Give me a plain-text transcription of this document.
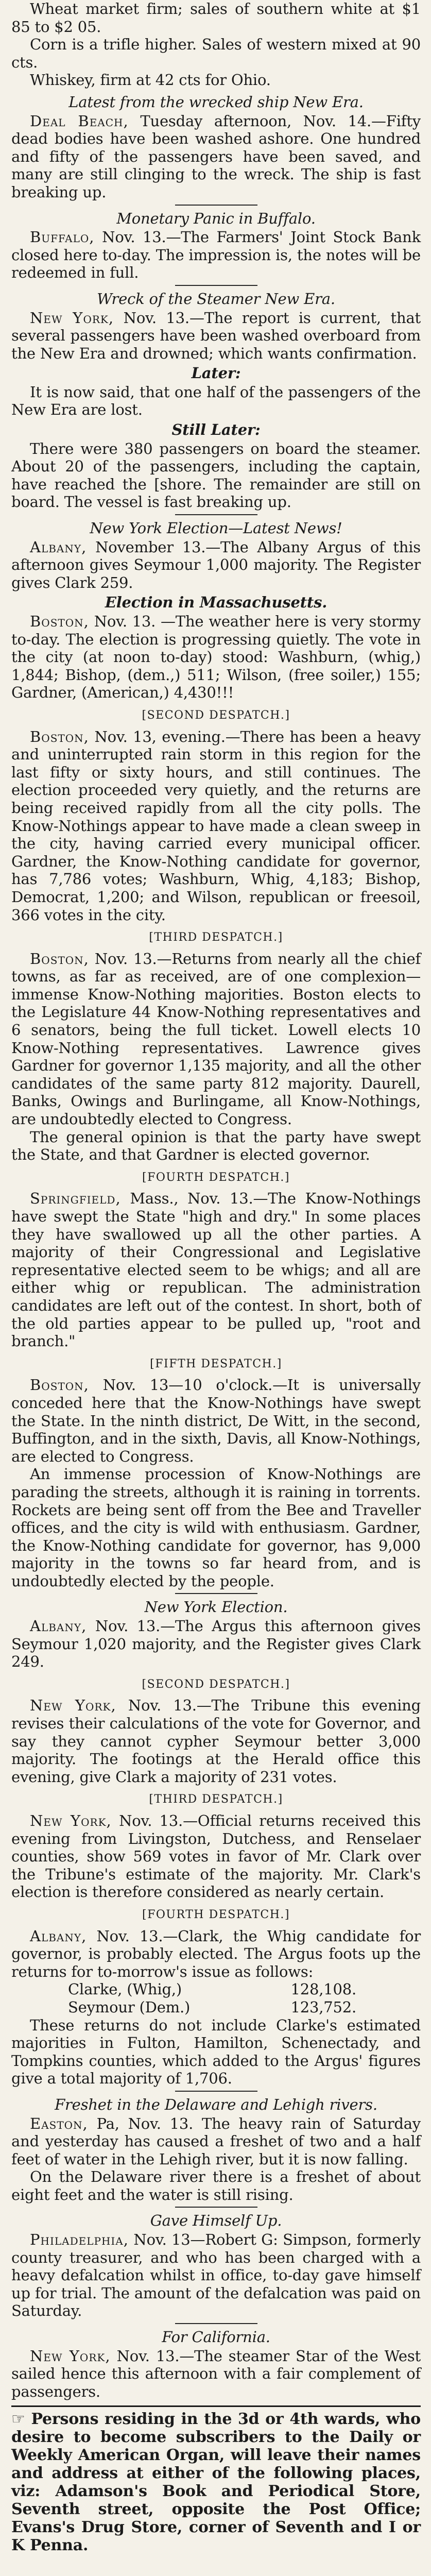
Wheat market firm; sales of southern white at $1 85 to $2 05.

Corn is a trifle higher. Sales of western mixed at 90 cts.

Whiskey, firm at 42 cts for Ohio.

Latest from the wrecked ship New Era.

Deal Beach, Tuesday afternoon, Nov. 14.—Fifty dead bodies have been washed ashore. One hundred and fifty of the passengers have been saved, and many are still clinging to the wreck. The ship is fast breaking up.

Monetary Panic in Buffalo.

Buffalo, Nov. 13.—The Farmers' Joint Stock Bank closed here to-day. The impression is, the notes will be redeemed in full.

Wreck of the Steamer New Era.

New York, Nov. 13.—The report is current, that several passengers have been washed overboard from the New Era and drowned; which wants confirmation.

Later:

It is now said, that one half of the passengers of the New Era are lost.

Still Later:

There were 380 passengers on board the steamer. About 20 of the passengers, including the captain, have reached the [shore. The remainder are still on board. The vessel is fast breaking up.

New York Election—Latest News!

Albany, November 13.—The Albany Argus of this afternoon gives Seymour 1,000 majority. The Register gives Clark 259.

Election in Massachusetts.

Boston, Nov. 13. —The weather here is very stormy to-day. The election is progressing quietly. The vote in the city (at noon to-day) stood: Washburn, (whig,) 1,844; Bishop, (dem.,) 511; Wilson, (free soiler,) 155; Gardner, (American,) 4,430!!!

[SECOND DESPATCH.]

Boston, Nov. 13, evening.—There has been a heavy and uninterrupted rain storm in this region for the last fifty or sixty hours, and still continues. The election proceeded very quietly, and the returns are being received rapidly from all the city polls. The Know-Nothings appear to have made a clean sweep in the city, having carried every municipal officer. Gardner, the Know-Nothing candidate for governor, has 7,786 votes; Washburn, Whig, 4,183; Bishop, Democrat, 1,200; and Wilson, republican or freesoil, 366 votes in the city.

[THIRD DESPATCH.]

Boston, Nov. 13.—Returns from nearly all the chief towns, as far as received, are of one complexion—immense Know-Nothing majorities. Boston elects to the Legislature 44 Know-Nothing representatives and 6 senators, being the full ticket. Lowell elects 10 Know-Nothing representatives. Lawrence gives Gardner for governor 1,135 majority, and all the other candidates of the same party 812 majority. Daurell, Banks, Owings and Burlingame, all Know-Nothings, are undoubtedly elected to Congress.

The general opinion is that the party have swept the State, and that Gardner is elected governor.

[FOURTH DESPATCH.]

Springfield, Mass., Nov. 13.—The Know-Nothings have swept the State "high and dry." In some places they have swallowed up all the other parties. A majority of their Congressional and Legislative representative elected seem to be whigs; and all are either whig or republican. The administration candidates are left out of the contest. In short, both of the old parties appear to be pulled up, "root and branch."

[FIFTH DESPATCH.]

Boston, Nov. 13—10 o'clock.—It is universally conceded here that the Know-Nothings have swept the State. In the ninth district, De Witt, in the second, Buffington, and in the sixth, Davis, all Know-Nothings, are elected to Congress.

An immense procession of Know-Nothings are parading the streets, although it is raining in torrents. Rockets are being sent off from the Bee and Traveller offices, and the city is wild with enthusiasm. Gardner, the Know-Nothing candidate for governor, has 9,000 majority in the towns so far heard from, and is undoubtedly elected by the people.

New York Election.

Albany, Nov. 13.—The Argus this afternoon gives Seymour 1,020 majority, and the Register gives Clark 249.

[SECOND DESPATCH.]

New York, Nov. 13.—The Tribune this evening revises their calculations of the vote for Governor, and say they cannot cypher Seymour better 3,000 majority. The footings at the Herald office this evening, give Clark a majority of 231 votes.

[THIRD DESPATCH.]

New York, Nov. 13.—Official returns received this evening from Livingston, Dutchess, and Renselaer counties, show 569 votes in favor of Mr. Clark over the Tribune's estimate of the majority. Mr. Clark's election is therefore considered as nearly certain.

[FOURTH DESPATCH.]

Albany, Nov. 13.—Clark, the Whig candidate for governor, is probably elected. The Argus foots up the returns for to-morrow's issue as follows:

Clarke, (Whig,)	128,108.
Seymour (Dem.)	123,752.

These returns do not include Clarke's estimated majorities in Fulton, Hamilton, Schenectady, and Tompkins counties, which added to the Argus' figures give a total majority of 1,706.

Freshet in the Delaware and Lehigh rivers.

Easton, Pa, Nov. 13. The heavy rain of Saturday and yesterday has caused a freshet of two and a half feet of water in the Lehigh river, but it is now falling.

On the Delaware river there is a freshet of about eight feet and the water is still rising.

Gave Himself Up.

Philadelphia, Nov. 13—Robert G: Simpson, formerly county treasurer, and who has been charged with a heavy defalcation whilst in office, to-day gave himself up for trial. The amount of the defalcation was paid on Saturday.

For California.

New York, Nov. 13.—The steamer Star of the West sailed hence this afternoon with a fair complement of passengers.

☞ Persons residing in the 3d or 4th wards, who desire to become subscribers to the Daily or Weekly American Organ, will leave their names and address at either of the following places, viz: Adamson's Book and Periodical Store, Seventh street, opposite the Post Office; Evans's Drug Store, corner of Seventh and I or K Penna.
